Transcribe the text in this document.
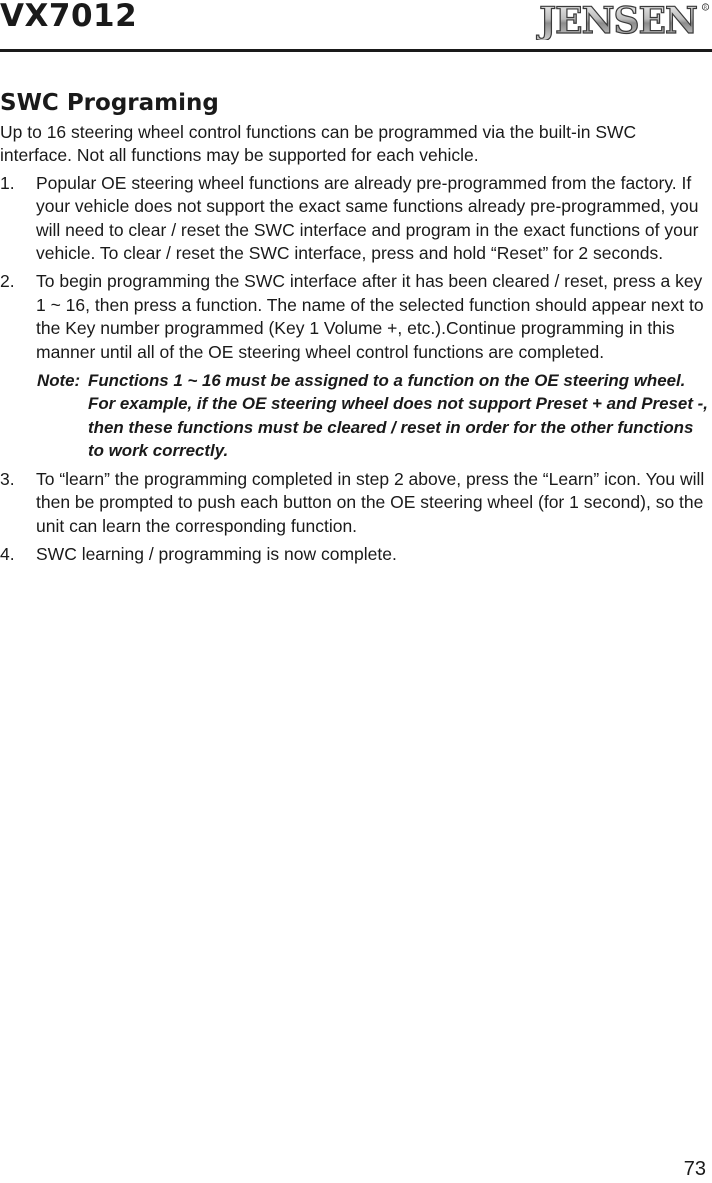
VX7012	JENSEN R
SWC Programing

Up to 16 steering wheel control functions can be programmed via the built-in SWC interface. Not all functions may be supported for each vehicle.

1. Popular OE steering wheel functions are already pre-programmed from the factory. If your vehicle does not support the exact same functions already pre-programmed, you will need to clear / reset the SWC interface and program in the exact functions of your vehicle. To clear / reset the SWC interface, press and hold “Reset” for 2 seconds.
2. To begin programming the SWC interface after it has been cleared / reset, press a key 1 ~ 16, then press a function. The name of the selected function should appear next to the Key number programmed (Key 1 Volume +, etc.).Continue programming in this manner until all of the OE steering wheel control functions are completed.
Note: Functions 1 ~ 16 must be assigned to a function on the OE steering wheel. For example, if the OE steering wheel does not support Preset + and Preset -, then these functions must be cleared / reset in order for the other functions to work correctly.
3. To “learn” the programming completed in step 2 above, press the “Learn” icon. You will then be prompted to push each button on the OE steering wheel (for 1 second), so the unit can learn the corresponding function.
4. SWC learning / programming is now complete.
73
